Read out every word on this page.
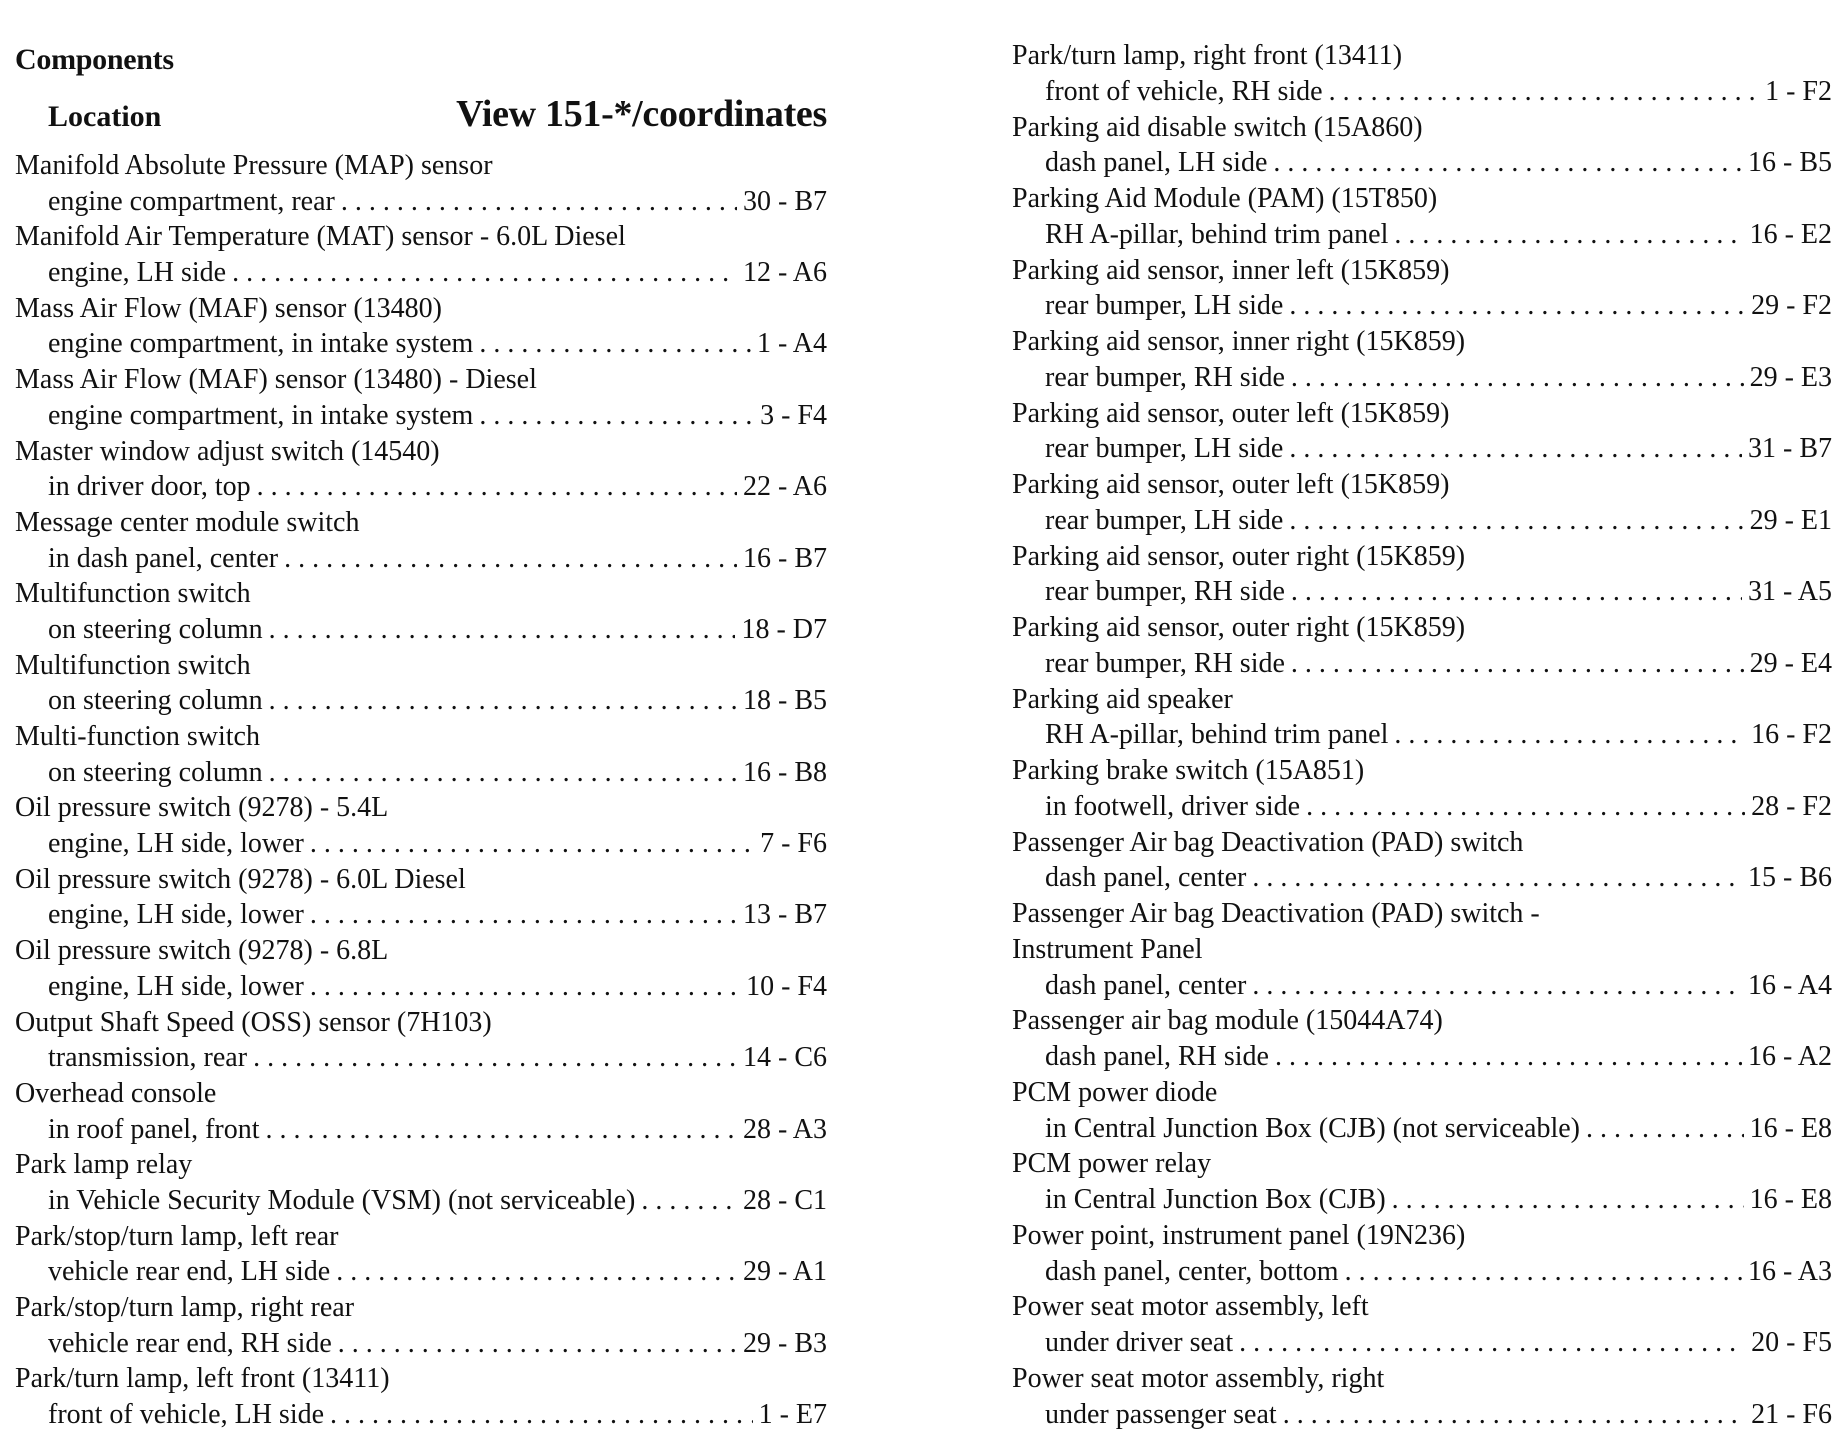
Components
Location	View 151-*/coordinates
Manifold Absolute Pressure (MAP) sensor
engine compartment, rear . . .	30 - B7
Manifold Air Temperature (MAT) sensor - 6.0L Diesel
engine, LH side . . .	12 - A6
Mass Air Flow (MAF) sensor (13480)
engine compartment, in intake system . . .	1 - A4
Mass Air Flow (MAF) sensor (13480) - Diesel
engine compartment, in intake system . . .	3 - F4
Master window adjust switch (14540)
in driver door, top . . .	22 - A6
Message center module switch
in dash panel, center . . .	16 - B7
Multifunction switch
on steering column . . .	18 - D7
Multifunction switch
on steering column . . .	18 - B5
Multi-function switch
on steering column . . .	16 - B8
Oil pressure switch (9278) - 5.4L
engine, LH side, lower . . .	7 - F6
Oil pressure switch (9278) - 6.0L Diesel
engine, LH side, lower . . .	13 - B7
Oil pressure switch (9278) - 6.8L
engine, LH side, lower . . .	10 - F4
Output Shaft Speed (OSS) sensor (7H103)
transmission, rear . . .	14 - C6
Overhead console
in roof panel, front . . .	28 - A3
Park lamp relay
in Vehicle Security Module (VSM) (not serviceable) . . .	28 - C1
Park/stop/turn lamp, left rear
vehicle rear end, LH side . . .	29 - A1
Park/stop/turn lamp, right rear
vehicle rear end, RH side . . .	29 - B3
Park/turn lamp, left front (13411)
front of vehicle, LH side . . .	1 - E7
Park/turn lamp, right front (13411)
front of vehicle, RH side . . .	1 - F2
Parking aid disable switch (15A860)
dash panel, LH side . . .	16 - B5
Parking Aid Module (PAM) (15T850)
RH A-pillar, behind trim panel . . .	16 - E2
Parking aid sensor, inner left (15K859)
rear bumper, LH side . . .	29 - F2
Parking aid sensor, inner right (15K859)
rear bumper, RH side . . .	29 - E3
Parking aid sensor, outer left (15K859)
rear bumper, LH side . . .	31 - B7
Parking aid sensor, outer left (15K859)
rear bumper, LH side . . .	29 - E1
Parking aid sensor, outer right (15K859)
rear bumper, RH side . . .	31 - A5
Parking aid sensor, outer right (15K859)
rear bumper, RH side . . .	29 - E4
Parking aid speaker
RH A-pillar, behind trim panel . . .	16 - F2
Parking brake switch (15A851)
in footwell, driver side . . .	28 - F2
Passenger Air bag Deactivation (PAD) switch
dash panel, center . . .	15 - B6
Passenger Air bag Deactivation (PAD) switch -
Instrument Panel
dash panel, center . . .	16 - A4
Passenger air bag module (15044A74)
dash panel, RH side . . .	16 - A2
PCM power diode
in Central Junction Box (CJB) (not serviceable) . . .	16 - E8
PCM power relay
in Central Junction Box (CJB) . . .	16 - E8
Power point, instrument panel (19N236)
dash panel, center, bottom . . .	16 - A3
Power seat motor assembly, left
under driver seat . . .	20 - F5
Power seat motor assembly, right
under passenger seat . . .	21 - F6
